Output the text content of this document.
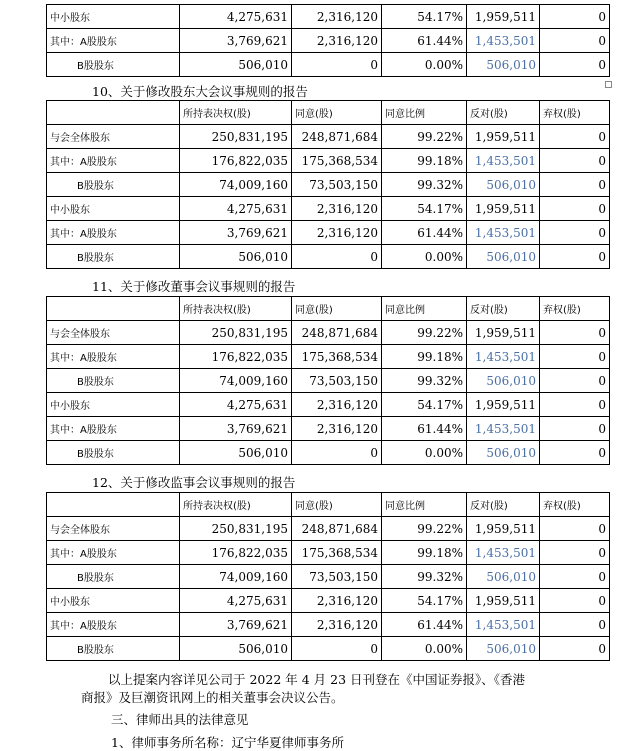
中小股东	4,275,631	2,316,120	54.17%	1,959,511	0
其中：A股股东	3,769,621	2,316,120	61.44%	1,453,501	0
B股股东	506,010	0	0.00%	506,010	0
10、关于修改股东大会议事规则的报告
	所持表决权(股)	同意(股)	同意比例	反对(股)	弃权(股)
与会全体股东	250,831,195	248,871,684	99.22%	1,959,511	0
其中：A股股东	176,822,035	175,368,534	99.18%	1,453,501	0
B股股东	74,009,160	73,503,150	99.32%	506,010	0
中小股东	4,275,631	2,316,120	54.17%	1,959,511	0
其中：A股股东	3,769,621	2,316,120	61.44%	1,453,501	0
B股股东	506,010	0	0.00%	506,010	0
11、关于修改董事会议事规则的报告
	所持表决权(股)	同意(股)	同意比例	反对(股)	弃权(股)
与会全体股东	250,831,195	248,871,684	99.22%	1,959,511	0
其中：A股股东	176,822,035	175,368,534	99.18%	1,453,501	0
B股股东	74,009,160	73,503,150	99.32%	506,010	0
中小股东	4,275,631	2,316,120	54.17%	1,959,511	0
其中：A股股东	3,769,621	2,316,120	61.44%	1,453,501	0
B股股东	506,010	0	0.00%	506,010	0
12、关于修改监事会议事规则的报告
	所持表决权(股)	同意(股)	同意比例	反对(股)	弃权(股)
与会全体股东	250,831,195	248,871,684	99.22%	1,959,511	0
其中：A股股东	176,822,035	175,368,534	99.18%	1,453,501	0
B股股东	74,009,160	73,503,150	99.32%	506,010	0
中小股东	4,275,631	2,316,120	54.17%	1,959,511	0
其中：A股股东	3,769,621	2,316,120	61.44%	1,453,501	0
B股股东	506,010	0	0.00%	506,010	0
以上提案内容详见公司于 2022 年 4 月 23 日刊登在《中国证券报》、《香港
商报》及巨潮资讯网上的相关董事会决议公告。
三、律师出具的法律意见
1、律师事务所名称：辽宁华夏律师事务所
